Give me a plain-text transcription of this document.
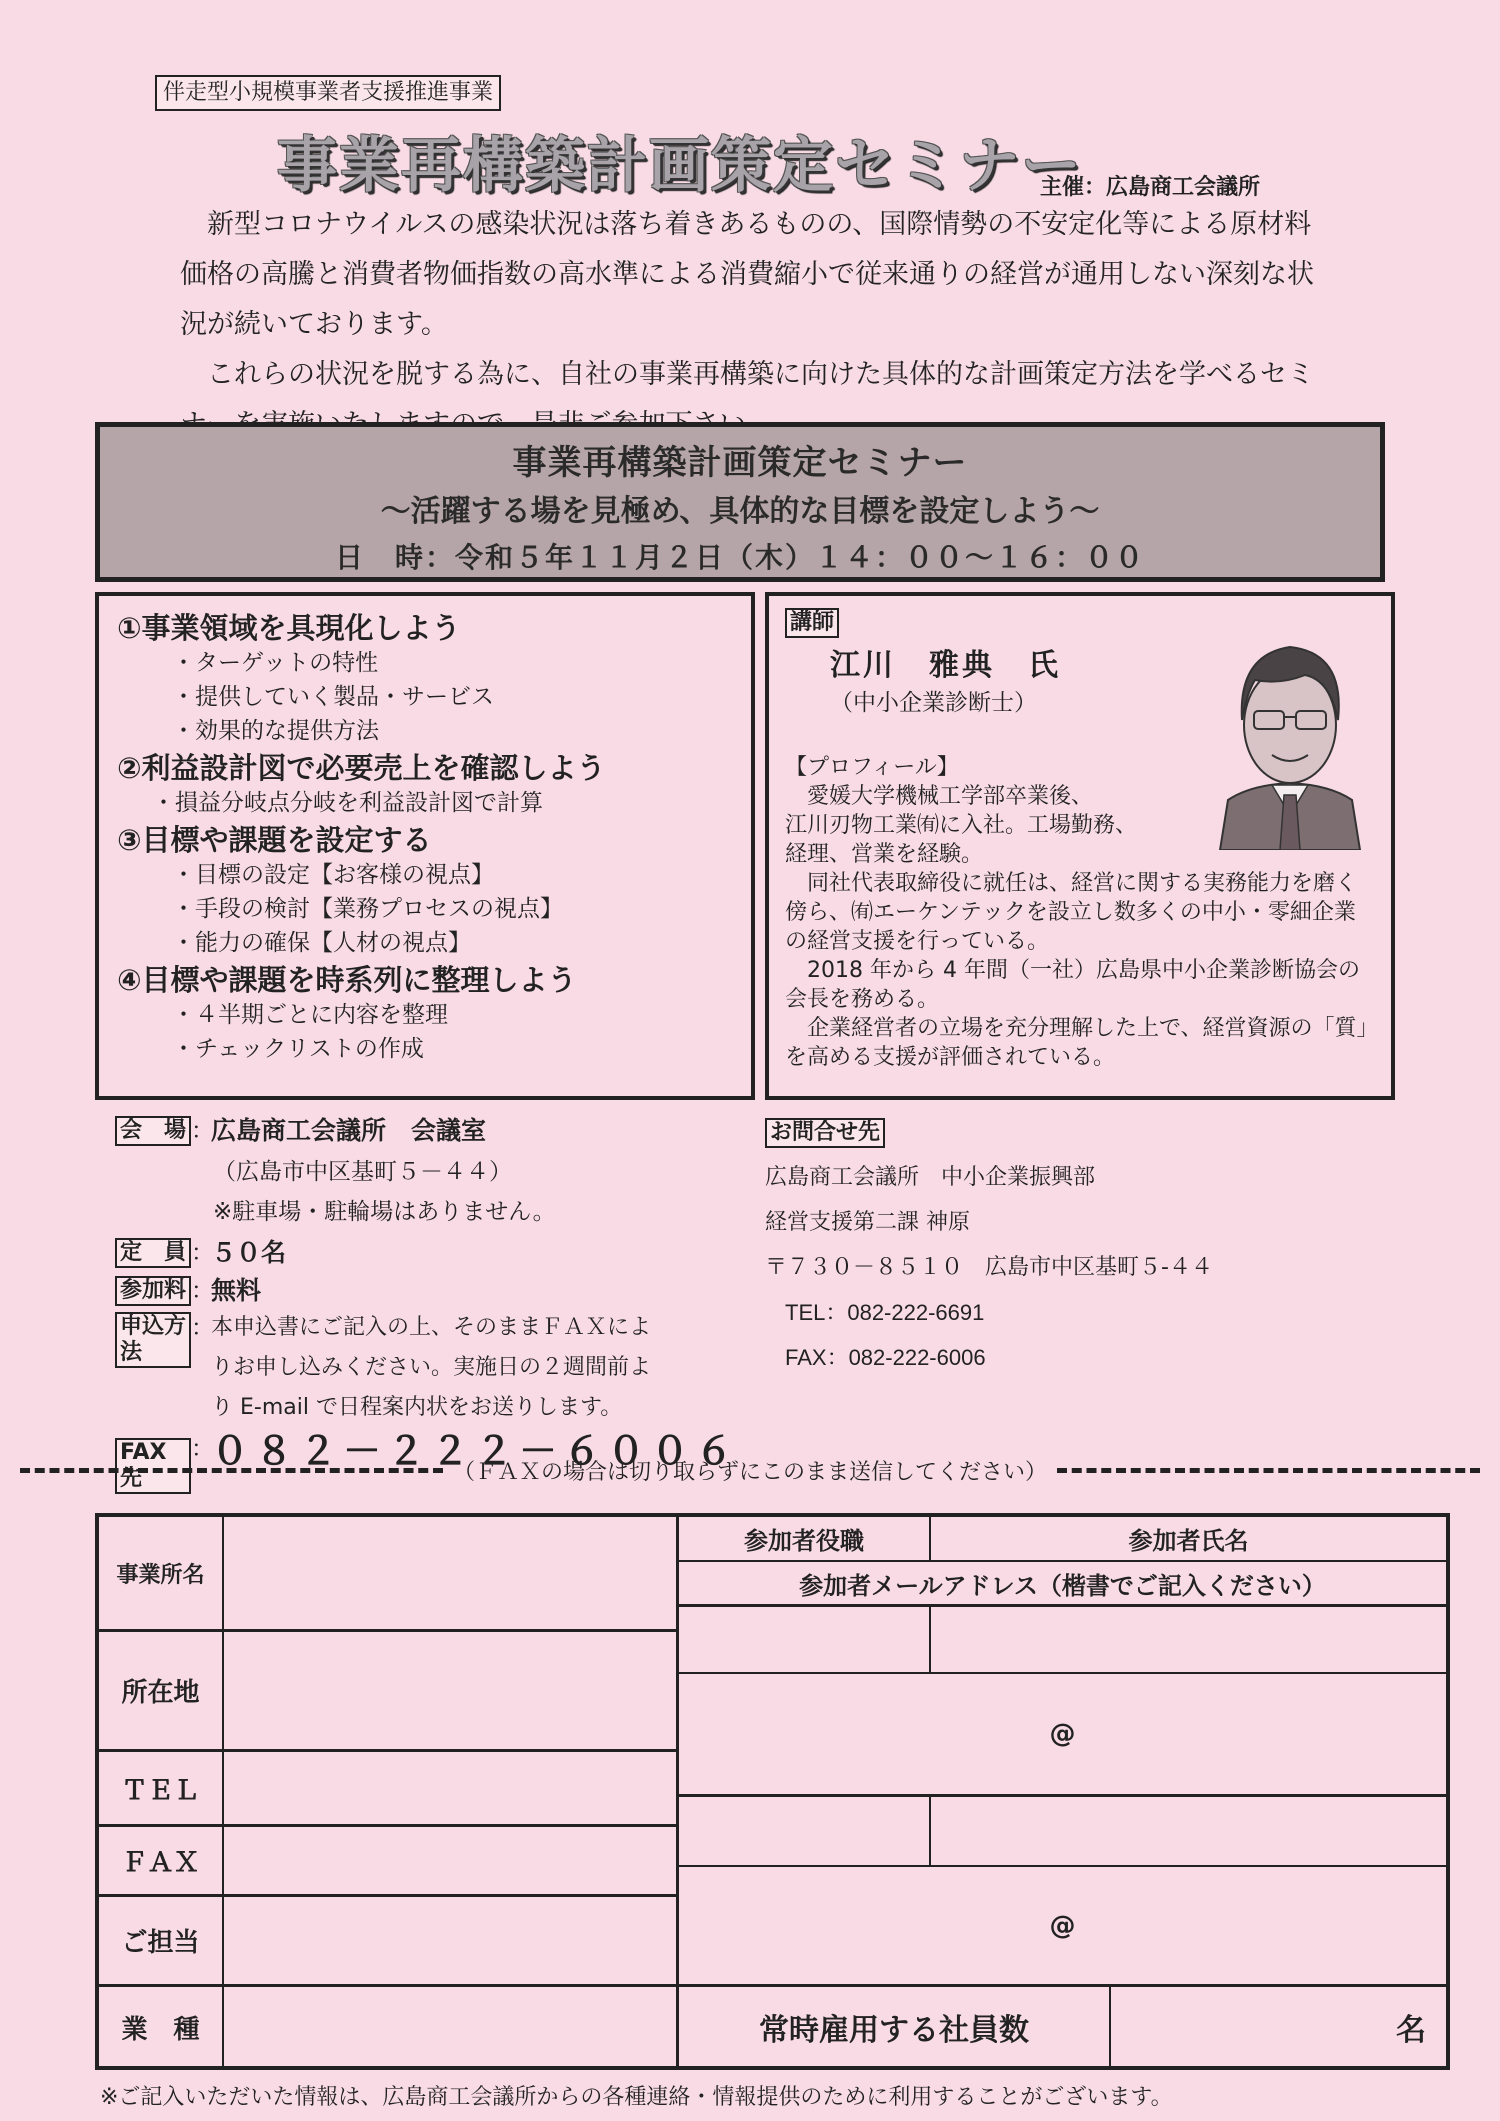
伴走型小規模事業者支援推進事業
事業再構築計画策定セミナー
主催：広島商工会議所

新型コロナウイルスの感染状況は落ち着きあるものの、国際情勢の不安定化等による原材料価格の高騰と消費者物価指数の高水準による消費縮小で従来通りの経営が通用しない深刻な状況が続いております。

これらの状況を脱する為に、自社の事業再構築に向けた具体的な計画策定方法を学べるセミ

事業再構築計画策定セミナー
～活躍する場を見極め、具体的な目標を設定しよう～
日　時：令和５年１１月２日（木）１４：００～１６：００
①事業領域を具現化しよう
・ターゲットの特性
・提供していく製品・サービス
・効果的な提供方法
②利益設計図で必要売上を確認しよう
・損益分岐点分岐を利益設計図で計算
③目標や課題を設定する
・目標の設定【お客様の視点】
・手段の検討【業務プロセスの視点】
・能力の確保【人材の視点】
④目標や課題を時系列に整理しよう
・４半期ごとに内容を整理
・チェックリストの作成
講師
江川　雅典　氏
（中小企業診断士）
【プロフィール】
愛媛大学機械工学部卒業後、
江川刃物工業㈲に入社。工場勤務、
経理、営業を経験。
同社代表取締役に就任は、経営に関する実務能力を磨く傍ら、㈲エーケンテックを設立し数多くの中小・零細企業の経営支援を行っている。
2018 年から 4 年間（一社）広島県中小企業診断協会の会長を務める。
企業経営者の立場を充分理解した上で、経営資源の「質」を高める支援が評価されている。
会　場 ：
広島商工会議所　会議室
（広島市中区基町５－４４）
※駐車場・駐輪場はありません。
定　員 ：
５０名
参加料 ：
無料
申込方法
：
本申込書にご記入の上、そのままＦＡＸによ
りお申し込みください。実施日の２週間前よ
り E-mail で日程案内状をお送りします。
FAX 先
：
０８２－２２２－６００６
お問合せ先
広島商工会議所　中小企業振興部
経営支援第二課 神原
〒７３０－８５１０　広島市中区基町５-４４
TEL：082-222-6691
FAX：082-222-6006
（ＦＡＸの場合は切り取らずにこのまま送信してください）
事業所名
所在地
ＴＥＬ
ＦＡＸ
ご担当
業　種
参加者役職	参加者氏名
参加者メールアドレス（楷書でご記入ください）
@
@
常時雇用する社員数	名
※ご記入いただいた情報は、広島商工会議所からの各種連絡・情報提供のために利用することがございます。
